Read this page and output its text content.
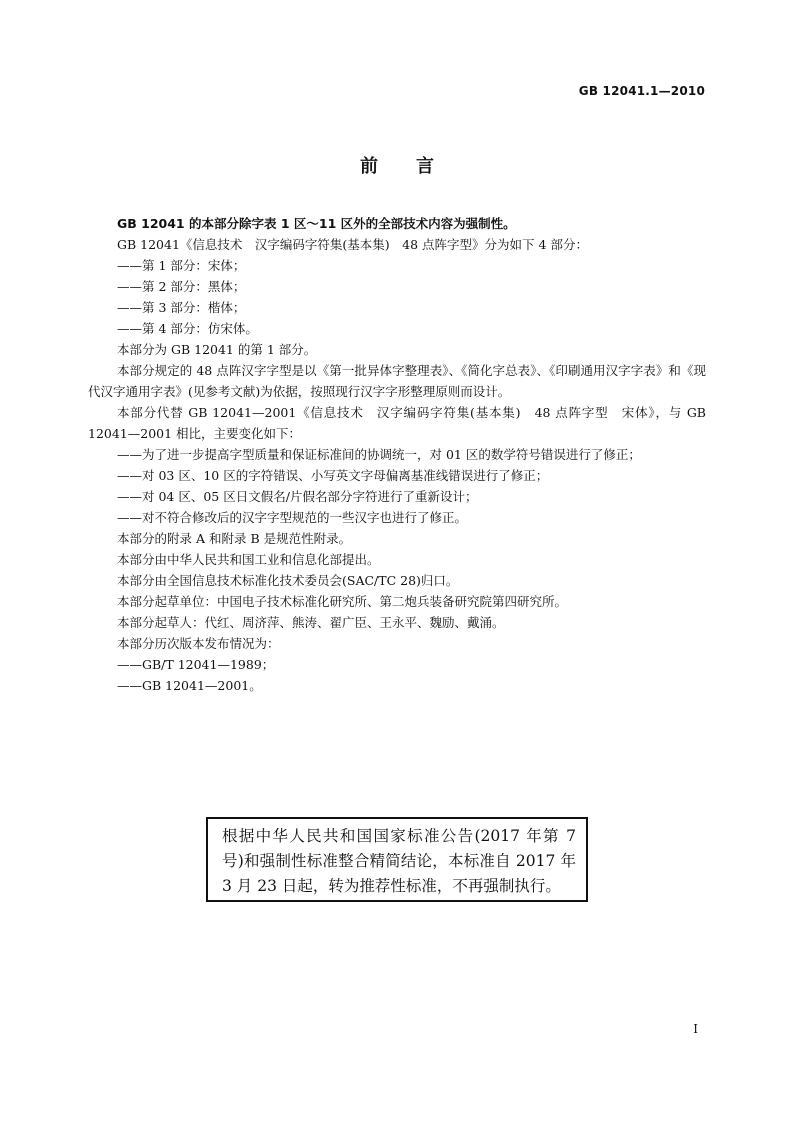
GB 12041.1—2010
前言

GB 12041 的本部分除字表 1 区～11 区外的全部技术内容为强制性。

GB 12041《信息技术　汉字编码字符集(基本集)　48 点阵字型》分为如下 4 部分：

——第 1 部分：宋体；

——第 2 部分：黑体；

——第 3 部分：楷体；

——第 4 部分：仿宋体。

本部分为 GB 12041 的第 1 部分。

本部分规定的 48 点阵汉字字型是以《第一批异体字整理表》、《简化字总表》、《印刷通用汉字字表》和《现代汉字通用字表》(见参考文献)为依据，按照现行汉字字形整理原则而设计。

本部分代替 GB 12041—2001《信息技术　汉字编码字符集(基本集)　48 点阵字型　宋体》，与 GB 12041—2001 相比，主要变化如下：

——为了进一步提高字型质量和保证标准间的协调统一，对 01 区的数学符号错误进行了修正；

——对 03 区、10 区的字符错误、小写英文字母偏离基准线错误进行了修正；

——对 04 区、05 区日文假名/片假名部分字符进行了重新设计；

——对不符合修改后的汉字字型规范的一些汉字也进行了修正。

本部分的附录 A 和附录 B 是规范性附录。

本部分由中华人民共和国工业和信息化部提出。

本部分由全国信息技术标准化技术委员会(SAC/TC 28)归口。

本部分起草单位：中国电子技术标准化研究所、第二炮兵装备研究院第四研究所。

本部分起草人：代红、周济萍、熊涛、翟广臣、王永平、魏励、戴涌。

本部分历次版本发布情况为：

——GB/T 12041—1989；

——GB 12041—2001。

根据中华人民共和国国家标准公告(2017 年第 7 号)和强制性标准整合精简结论，本标准自 2017 年 3 月 23 日起，转为推荐性标准，不再强制执行。
I
